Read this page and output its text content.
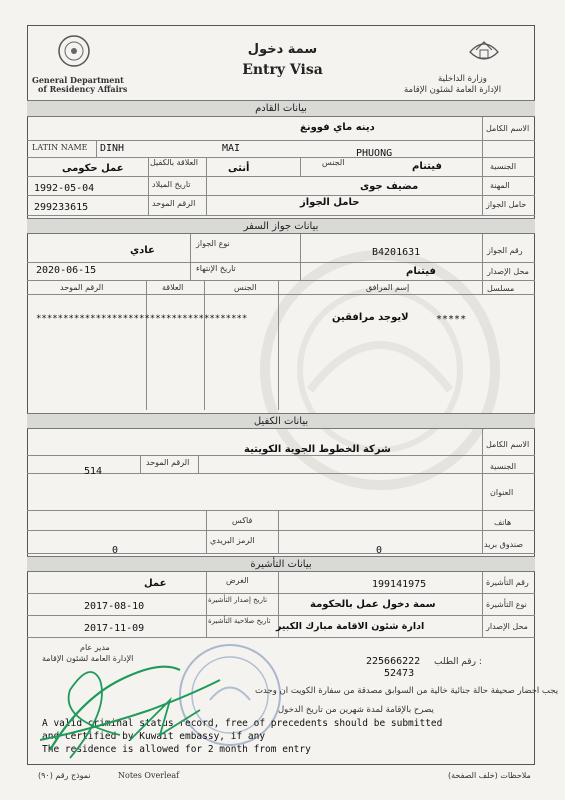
General Department
of Residency Affairs
سمة دخول
Entry Visa
وزارة الداخلية
الإدارة العامة لشئون الإقامة
بيانات القادم
الاسم الكامل
دينه ماي فوونغ
LATIN NAME DINH	MAI	PHUONG
الجنسية
فيتنام
الجنس
أنثى
العلاقة بالكفيل
عمل حكومى
المهنة
مضيف جوى
تاريخ الميلاد
1992-05-04
حامل الجواز
حامل الجواز
الرقم الموحد
299233615
بيانات جواز السفر
رقم الجواز
B4201631
نوع الجواز
عادي
محل الإصدار
فيتنام
تاريخ الإنتهاء
2020-06-15
مسلسل
إسم المرافق
الجنس
العلاقة
الرقم الموحد
*****
لايوجد مرافقين
***************************************
بيانات الكفيل
الاسم الكامل
شركة الخطوط الجوية الكويتية
الجنسية
الرقم الموحد
514
العنوان
هاتف
فاكس
صندوق بريد
0
الرمز البريدي
0
بيانات التأشيرة
رقم التأشيرة
199141975
الغرض
عمل
نوع التأشيرة
سمة دخول عمل بالحكومة
تاريخ إصدار التأشيرة
2017-08-10
محل الإصدار
ادارة شئون الاقامة مبارك الكبير
تاريخ صلاحية التأشيرة
2017-11-09
مدير عام
الإدارة العامة لشئون الإقامة	رقم الطلب :
225666222
52473
يجب احضار صحيفة حالة جنائية خالية من السوابق مصدقة من سفارة الكويت ان وجدت
يصرح بالإقامة لمدة شهرين من تاريخ الدخول
A valid criminal status record, free of precedents should be submitted
and certified by Kuwait embassy, if any
The residence is allowed for 2 month from entry
نموذج رقم (٩٠)	Notes Overleaf	ملاحظات (خلف الصفحة)
